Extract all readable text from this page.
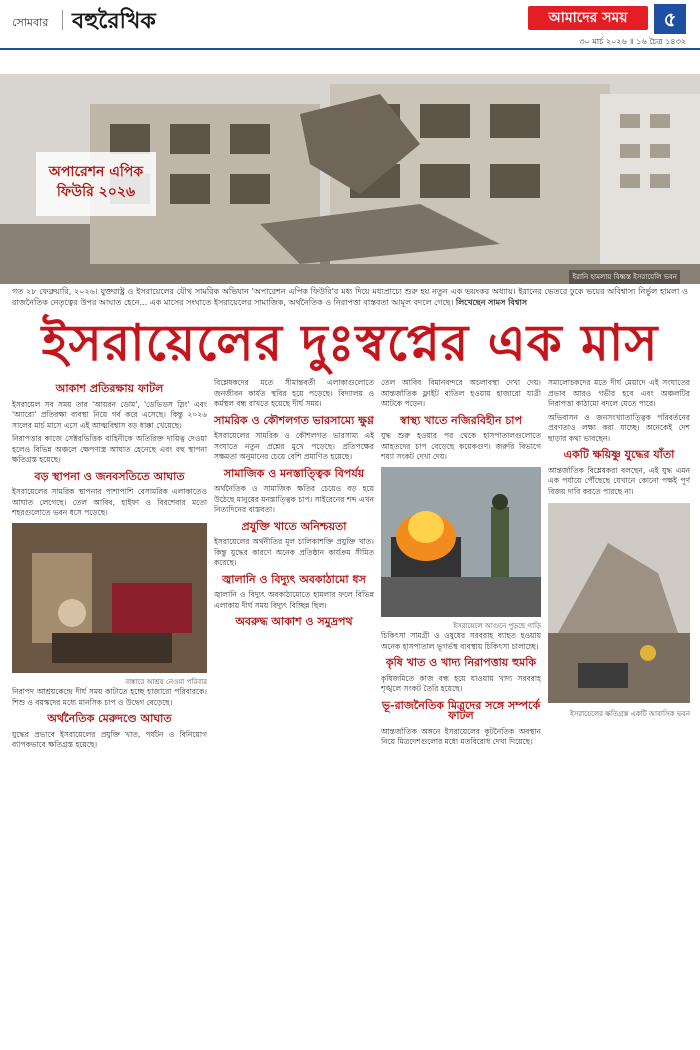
সোমবার বহুরৈখিক	আমাদের সময়	৫
৩০ মার্চ ২০২৬ ॥ ১৬ চৈত্র ১৪৩২
অপারেশন এপিক
ফিউরি ২০২৬
ইরানি হামলায় বিধ্বস্ত ইসরায়েলি ভবন
গত ২৮ ফেব্রুয়ারি, ২০২৬। যুক্তরাষ্ট্র ও ইসরায়েলের যৌথ সামরিক অভিযান 'অপারেশন এপিক ফিউরি'র মধ্য দিয়ে মধ্যপ্রাচ্যে শুরু হয় নতুন এক ভয়ংকর অধ্যায়। ইরানের ভেতরে ঢুকে ভয়ের অবিশ্বাস্য নির্ভুল হামলা ও রাজনৈতিক নেতৃত্বের উপর আঘাত হেনে... এক মাসের সংঘাতে ইসরায়েলের সামাজিক, অর্থনৈতিক ও নিরাপত্তা বাস্তবতা আমূল বদলে গেছে। লিখেছেন সামস বিশ্বাস
ইসরায়েলের দুঃস্বপ্নের এক মাস
আকাশ প্রতিরক্ষায় ফাটল

ইসরায়েল সব সময় তার 'আয়রন ডোম', 'ডেভিডস স্লিং' এবং 'অ্যারো' প্রতিরক্ষা ব্যবস্থা নিয়ে গর্ব করে এসেছে। কিন্তু ২০২৬ সালের মার্চ মাসে এসে এই আত্মবিশ্বাস বড় ধাক্কা খেয়েছে।

নিরাপত্তার কাজে সেক্টরভিত্তিক বাহিনীকে অতিরিক্ত দায়িত্ব দেওয়া হলেও বিভিন্ন অঞ্চলে ক্ষেপণাস্ত্র আঘাত হেনেছে এবং বহু স্থাপনা ক্ষতিগ্রস্ত হয়েছে।

বড় স্থাপনা ও জনবসতিতে আঘাত

ইসরায়েলের সামরিক স্থাপনার পাশাপাশি বেসামরিক এলাকাতেও আঘাত লেগেছে। তেল আবিব, হাইফা ও বিরশেবার মতো শহরগুলোতে ভবন ধসে পড়েছে।

বাঙ্কারে আশ্রয় নেওয়া পরিবার

নিরাপদ আশ্রয়কেন্দ্রে দীর্ঘ সময় কাটাতে হচ্ছে হাজারো পরিবারকে। শিশু ও বয়স্কদের মধ্যে মানসিক চাপ ও উদ্বেগ বেড়েছে।

অর্থনৈতিক মেরুদণ্ডে আঘাত

যুদ্ধের প্রভাবে ইসরায়েলের প্রযুক্তি খাত, পর্যটন ও বিনিয়োগ ব্যাপকভাবে ক্ষতিগ্রস্ত হয়েছে।

বিশ্লেষকদের মতে সীমান্তবর্তী এলাকাগুলোতে জনজীবন কার্যত স্থবির হয়ে পড়েছে। বিদ্যালয় ও কর্মস্থল বন্ধ রাখতে হয়েছে দীর্ঘ সময়।

সামরিক ও কৌশলগত ভারসাম্যে ক্ষুণ্ণ

ইসরায়েলের সামরিক ও কৌশলগত ভারসাম্য এই সংঘাতে নতুন প্রশ্নের মুখে পড়েছে। প্রতিপক্ষের সক্ষমতা অনুমানের চেয়ে বেশি প্রমাণিত হয়েছে।

সামাজিক ও মনস্তাত্ত্বিক বিপর্যয়

অর্থনৈতিক ও সামাজিক ক্ষতির চেয়েও বড় হয়ে উঠেছে মানুষের মনস্তাত্ত্বিক চাপ। সাইরেনের শব্দ এখন নিত্যদিনের বাস্তবতা।

প্রযুক্তি খাতে অনিশ্চয়তা

ইসরায়েলের অর্থনীতির মূল চালিকাশক্তি প্রযুক্তি খাত। কিন্তু যুদ্ধের কারণে অনেক প্রতিষ্ঠান কার্যক্রম সীমিত করেছে।

জ্বালানি ও বিদ্যুৎ অবকাঠামো ধস

জ্বালানি ও বিদ্যুৎ অবকাঠামোতে হামলার ফলে বিভিন্ন এলাকায় দীর্ঘ সময় বিদ্যুৎ বিচ্ছিন্ন ছিল।

অবরুদ্ধ আকাশ ও সমুদ্রপথ

তেল আবিব বিমানবন্দরে অচলাবস্থা দেখা দেয়। আন্তর্জাতিক ফ্লাইট বাতিল হওয়ায় হাজারো যাত্রী আটকে পড়েন।

স্বাস্থ্য খাতে নজিরবিহীন চাপ

যুদ্ধ শুরু হওয়ার পর থেকে হাসপাতালগুলোতে আহতদের চাপ বেড়েছে কয়েকগুণ। জরুরি বিভাগে শয্যা সংকট দেখা দেয়।

ইসরায়েলে আগুনে পুড়ছে গাড়ি

চিকিৎসা সামগ্রী ও ওষুধের সরবরাহ ব্যাহত হওয়ায় অনেক হাসপাতাল ভূগর্ভস্থ ব্যবস্থায় চিকিৎসা চালাচ্ছে।

কৃষি খাত ও খাদ্য নিরাপত্তায় হুমকি

কৃষিজমিতে কাজ বন্ধ হয়ে যাওয়ায় খাদ্য সরবরাহ শৃঙ্খলে সংকট তৈরি হয়েছে।

ভূ-রাজনৈতিক মিত্রদের সঙ্গে সম্পর্কে ফাটল

আন্তর্জাতিক অঙ্গনে ইসরায়েলের কূটনৈতিক অবস্থান নিয়ে মিত্রদেশগুলোর মধ্যে মতবিরোধ দেখা দিয়েছে।

সমালোচকদের মতে দীর্ঘ মেয়াদে এই সংঘাতের প্রভাব আরও গভীর হবে এবং অঞ্চলটির নিরাপত্তা কাঠামো বদলে যেতে পারে।

অভিবাসন ও জনসংখ্যাতাত্ত্বিক পরিবর্তনের প্রবণতাও লক্ষ্য করা যাচ্ছে। অনেকেই দেশ ছাড়ার কথা ভাবছেন।

একটি ক্ষয়িষ্ণু যুদ্ধের যাঁতা

আন্তর্জাতিক বিশ্লেষকরা বলছেন, এই যুদ্ধ এমন এক পর্যায়ে পৌঁছেছে যেখানে কোনো পক্ষই পূর্ণ বিজয় দাবি করতে পারছে না।

ইসরায়েলের ক্ষতিগ্রস্ত একটি আবাসিক ভবন
